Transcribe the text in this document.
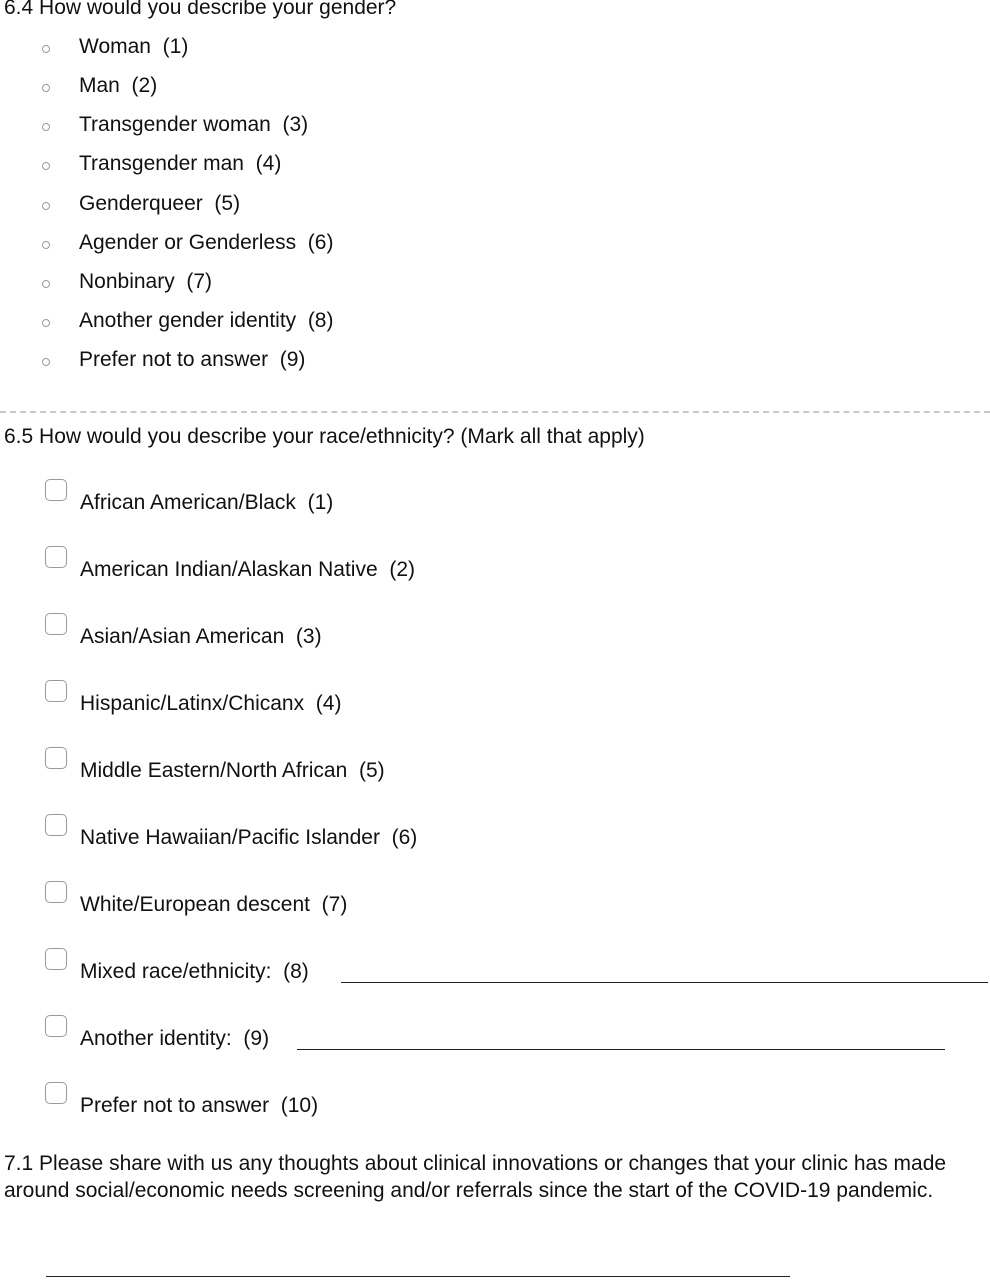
6.4 How would you describe your gender?
Woman  (1)
Man  (2)
Transgender woman  (3)
Transgender man  (4)
Genderqueer  (5)
Agender or Genderless  (6)
Nonbinary  (7)
Another gender identity  (8)
Prefer not to answer  (9)
6.5 How would you describe your race/ethnicity? (Mark all that apply)
African American/Black  (1)
American Indian/Alaskan Native  (2)
Asian/Asian American  (3)
Hispanic/Latinx/Chicanx  (4)
Middle Eastern/North African  (5)
Native Hawaiian/Pacific Islander  (6)
White/European descent  (7)
Mixed race/ethnicity:  (8)
Another identity:  (9)
Prefer not to answer  (10)
7.1 Please share with us any thoughts about clinical innovations or changes that your clinic has made around social/economic needs screening and/or referrals since the start of the COVID-19 pandemic.
